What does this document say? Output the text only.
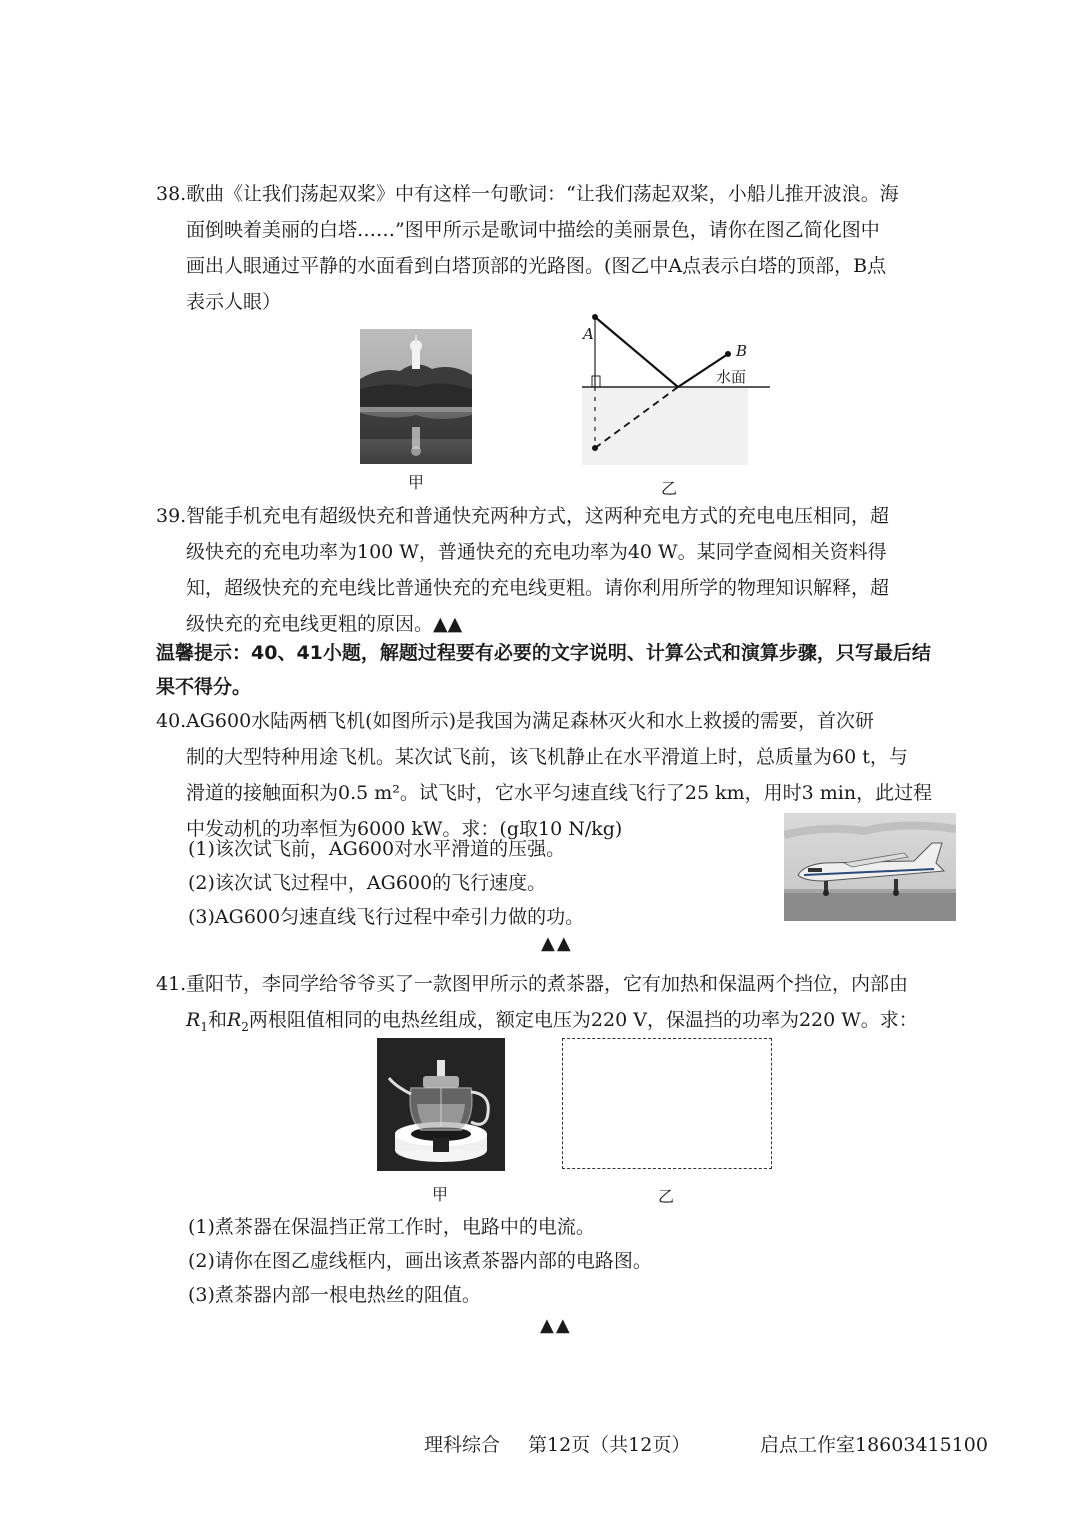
38. 歌曲《让我们荡起双桨》中有这样一句歌词：“让我们荡起双桨，小船儿推开波浪。海
面倒映着美丽的白塔……”图甲所示是歌词中描绘的美丽景色，请你在图乙简化图中
画出人眼通过平静的水面看到白塔顶部的光路图。(图乙中A点表示白塔的顶部，B点
表示人眼）
甲
A
B
水面
乙
39. 智能手机充电有超级快充和普通快充两种方式，这两种充电方式的充电电压相同，超
级快充的充电功率为100 W，普通快充的充电功率为40 W。某同学查阅相关资料得
知，超级快充的充电线比普通快充的充电线更粗。请你利用所学的物理知识解释，超
级快充的充电线更粗的原因。▲▲
温馨提示：40、41小题，解题过程要有必要的文字说明、计算公式和演算步骤，只写最后结
果不得分。
40. AG600水陆两栖飞机(如图所示)是我国为满足森林灭火和水上救援的需要，首次研
制的大型特种用途飞机。某次试飞前，该飞机静止在水平滑道上时，总质量为60 t，与
滑道的接触面积为0.5 m²。试飞时，它水平匀速直线飞行了25 km，用时3 min，此过程
中发动机的功率恒为6000 kW。求：(g取10 N/kg)
(1)该次试飞前，AG600对水平滑道的压强。
(2)该次试飞过程中，AG600的飞行速度。
(3)AG600匀速直线飞行过程中牵引力做的功。
▲▲
41. 重阳节，李同学给爷爷买了一款图甲所示的煮茶器，它有加热和保温两个挡位，内部由
$R_1$和$R_2$两根阻值相同的电热丝组成，额定电压为220 V，保温挡的功率为220 W。求：
甲	乙
(1)煮茶器在保温挡正常工作时，电路中的电流。
(2)请你在图乙虚线框内，画出该煮茶器内部的电路图。
(3)煮茶器内部一根电热丝的阻值。
▲▲
理科综合 第12页（共12页）	启点工作室18603415100
